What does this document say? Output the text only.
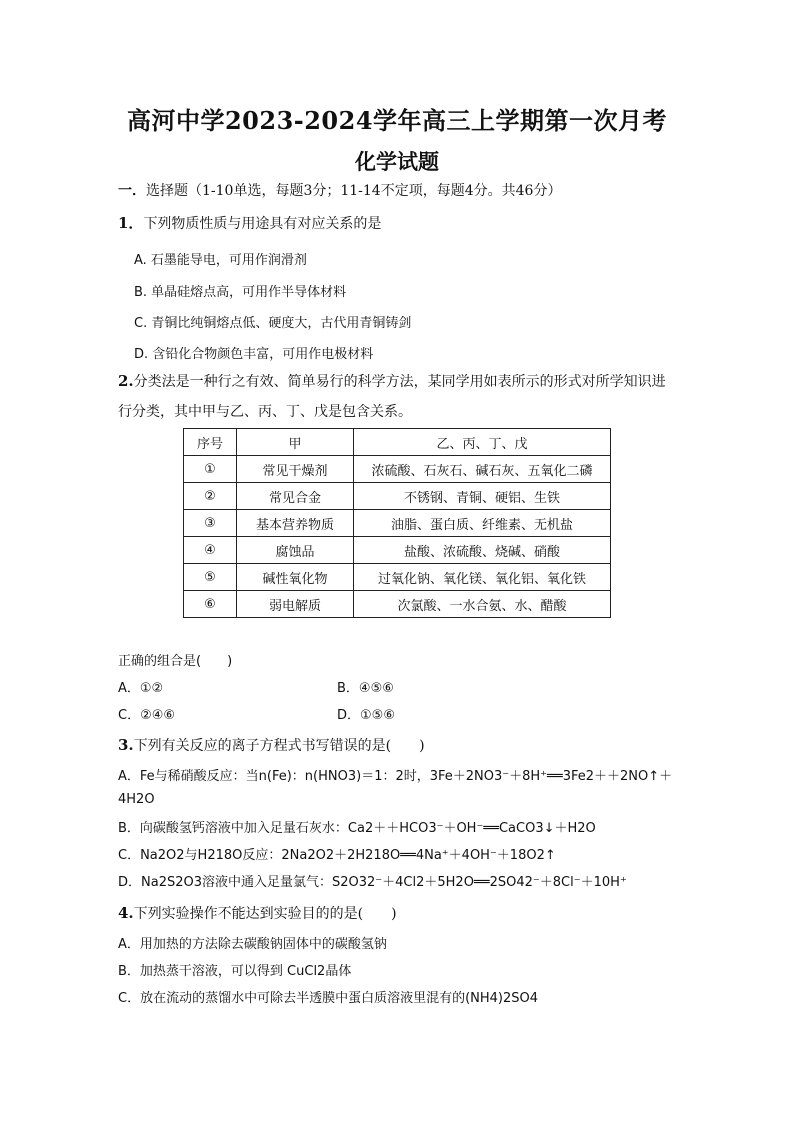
高河中学2023-2024学年高三上学期第一次月考
化学试题
一．选择题（1-10单选，每题3分；11-14不定项，每题4分。共46分）
1．下列物质性质与用途具有对应关系的是
A. 石墨能导电，可用作润滑剂
B. 单晶硅熔点高，可用作半导体材料
C. 青铜比纯铜熔点低、硬度大，古代用青铜铸剑
D. 含铅化合物颜色丰富，可用作电极材料
2.分类法是一种行之有效、简单易行的科学方法，某同学用如表所示的形式对所学知识进
行分类，其中甲与乙、丙、丁、戊是包含关系。
序号	甲	乙、丙、丁、戊
①	常见干燥剂	浓硫酸、石灰石、碱石灰、五氧化二磷
②	常见合金	不锈钢、青铜、硬铝、生铁
③	基本营养物质	油脂、蛋白质、纤维素、无机盐
④	腐蚀品	盐酸、浓硫酸、烧碱、硝酸
⑤	碱性氧化物	过氧化钠、氧化镁、氧化铝、氧化铁
⑥	弱电解质	次氯酸、一水合氨、水、醋酸
正确的组合是(　　)
A．①②	B．④⑤⑥
C．②④⑥	D．①⑤⑥
3.下列有关反应的离子方程式书写错误的是(　　)
A．Fe与稀硝酸反应：当n(Fe)：n(HNO3)＝1：2时，3Fe＋2NO3⁻＋8H⁺══3Fe2＋＋2NO↑＋
4H2O
B．向碳酸氢钙溶液中加入足量石灰水：Ca2＋＋HCO3⁻＋OH⁻══CaCO3↓＋H2O
C．Na2O2与H218O反应：2Na2O2＋2H218O══4Na⁺＋4OH⁻＋18O2↑
D．Na2S2O3溶液中通入足量氯气：S2O32⁻＋4Cl2＋5H2O══2SO42⁻＋8Cl⁻＋10H⁺
4.下列实验操作不能达到实验目的的是(　　)
A．用加热的方法除去碳酸钠固体中的碳酸氢钠
B．加热蒸干溶液，可以得到 CuCl2晶体
C．放在流动的蒸馏水中可除去半透膜中蛋白质溶液里混有的(NH4)2SO4
